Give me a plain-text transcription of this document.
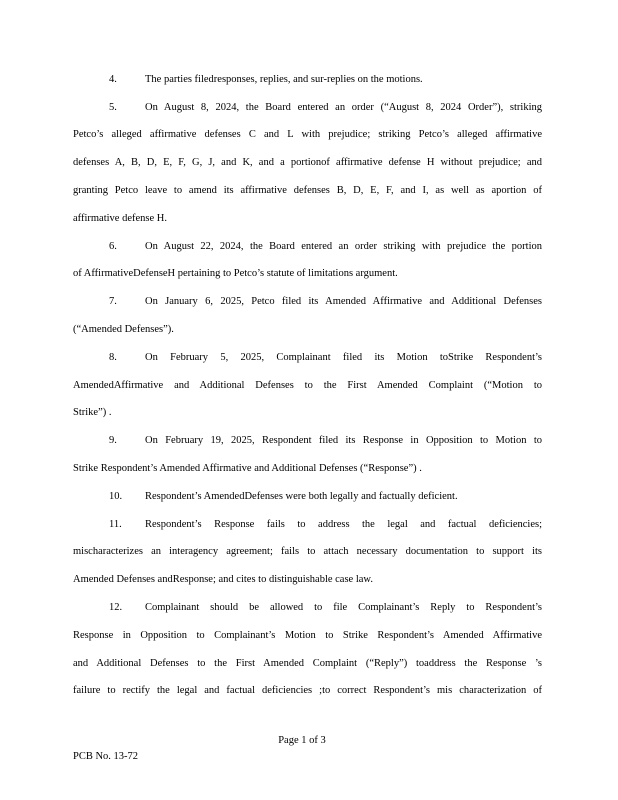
4.	The parties filedresponses, replies, and sur-replies on the motions.
5.	On August 8, 2024, the Board entered an order (“August 8, 2024 Order”), striking
Petco’s alleged affirmative defenses C and L with prejudice; striking Petco’s alleged affirmative
defenses A, B, D, E, F, G, J, and K, and a portionof affirmative defense H without prejudice; and
granting Petco leave to amend its affirmative defenses B, D, E, F, and I, as well as aportion of
affirmative defense H.
6.	On August 22, 2024, the Board entered an order striking with prejudice the portion
of AffirmativeDefenseH pertaining to Petco’s statute of limitations argument.
7.	On January 6, 2025, Petco filed its Amended Affirmative and Additional Defenses
(“Amended Defenses”).
8.	On February 5, 2025, Complainant filed its Motion toStrike Respondent’s
AmendedAffirmative and Additional Defenses to the First Amended Complaint (“Motion to
Strike”) .
9.	On February 19, 2025, Respondent filed its Response in Opposition to Motion to
Strike Respondent’s Amended Affirmative and Additional Defenses (“Response”) .
10. Respondent’s AmendedDefenses were both legally and factually deficient.
11. Respondent’s Response fails to address the legal and factual deficiencies;
mischaracterizes an interagency agreement; fails to attach necessary documentation to support its
Amended Defenses andResponse; and cites to distinguishable case law.
12. Complainant should be allowed to file Complainant’s Reply to Respondent’s
Response in Opposition to Complainant’s Motion to Strike Respondent’s Amended Affirmative
and Additional Defenses to the First Amended Complaint (“Reply”) toaddress the Response ’s
failure to rectify the legal and factual deficiencies ;to correct Respondent’s mis characterization of
Page 1 of 3
PCB No. 13-72
